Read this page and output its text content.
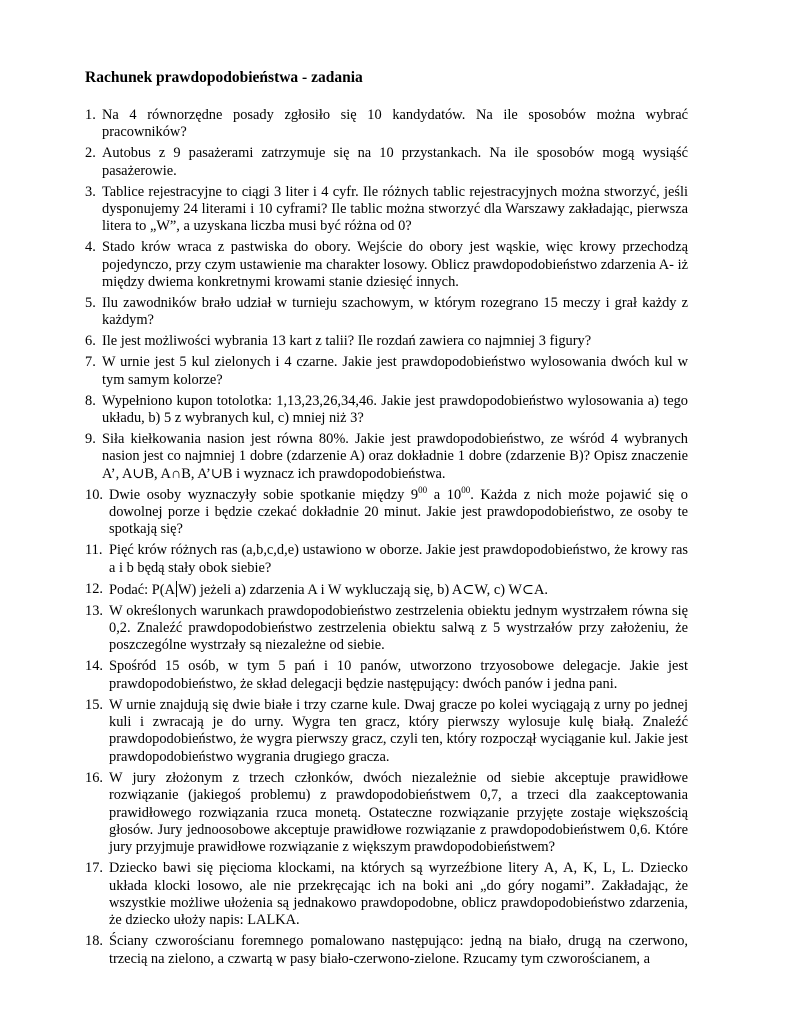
Rachunek prawdopodobieństwa - zadania
1. Na 4 równorzędne posady zgłosiło się 10 kandydatów. Na ile sposobów można wybrać pracowników?
2. Autobus z 9 pasażerami zatrzymuje się na 10 przystankach. Na ile sposobów mogą wysiąść pasażerowie.
3. Tablice rejestracyjne to ciągi 3 liter i 4 cyfr. Ile różnych tablic rejestracyjnych można stworzyć, jeśli dysponujemy 24 literami i 10 cyframi? Ile tablic można stworzyć dla Warszawy zakładając, pierwsza litera to „W”, a uzyskana liczba musi być różna od 0?
4. Stado krów wraca z pastwiska do obory. Wejście do obory jest wąskie, więc krowy przechodzą pojedynczo, przy czym ustawienie ma charakter losowy. Oblicz prawdopodobieństwo zdarzenia A- iż między dwiema konkretnymi krowami stanie dziesięć innych.
5. Ilu zawodników brało udział w turnieju szachowym, w którym rozegrano 15 meczy i grał każdy z każdym?
6. Ile jest możliwości wybrania 13 kart z talii? Ile rozdań zawiera co najmniej 3 figury?
7. W urnie jest 5 kul zielonych i 4 czarne. Jakie jest prawdopodobieństwo wylosowania dwóch kul w tym samym kolorze?
8. Wypełniono kupon totolotka: 1,13,23,26,34,46. Jakie jest prawdopodobieństwo wylosowania a) tego układu, b) 5 z wybranych kul, c) mniej niż 3?
9. Siła kiełkowania nasion jest równa 80%. Jakie jest prawdopodobieństwo, ze wśród 4 wybranych nasion jest co najmniej 1 dobre (zdarzenie A) oraz dokładnie 1 dobre (zdarzenie B)? Opisz znaczenie A’, A∪B, A∩B, A’∪B i wyznacz ich prawdopodobieństwa.
10. Dwie osoby wyznaczyły sobie spotkanie między $9^{00}$ a $10^{00}$. Każda z nich może pojawić się o dowolnej porze i będzie czekać dokładnie 20 minut. Jakie jest prawdopodobieństwo, ze osoby te spotkają się?
11. Pięć krów różnych ras (a,b,c,d,e) ustawiono w oborze. Jakie jest prawdopodobieństwo, że krowy ras a i b będą stały obok siebie?
12. Podać: P(A W) jeżeli a) zdarzenia A i W wykluczają się, b) A⊂W, c) W⊂A.
13. W określonych warunkach prawdopodobieństwo zestrzelenia obiektu jednym wystrzałem równa się 0,2. Znaleźć prawdopodobieństwo zestrzelenia obiektu salwą z 5 wystrzałów przy założeniu, że poszczególne wystrzały są niezależne od siebie.
14. Spośród 15 osób, w tym 5 pań i 10 panów, utworzono trzyosobowe delegacje. Jakie jest prawdopodobieństwo, że skład delegacji będzie następujący: dwóch panów i jedna pani.
15. W urnie znajdują się dwie białe i trzy czarne kule. Dwaj gracze po kolei wyciągają z urny po jednej kuli i zwracają je do urny. Wygra ten gracz, który pierwszy wylosuje kulę białą. Znaleźć prawdopodobieństwo, że wygra pierwszy gracz, czyli ten, który rozpoczął wyciąganie kul. Jakie jest prawdopodobieństwo wygrania drugiego gracza.
16. W jury złożonym z trzech członków, dwóch niezależnie od siebie akceptuje prawidłowe rozwiązanie (jakiegoś problemu) z prawdopodobieństwem 0,7, a trzeci dla zaakceptowania prawidłowego rozwiązania rzuca monetą. Ostateczne rozwiązanie przyjęte zostaje większością głosów. Jury jednoosobowe akceptuje prawidłowe rozwiązanie z prawdopodobieństwem 0,6. Które jury przyjmuje prawidłowe rozwiązanie z większym prawdopodobieństwem?
17. Dziecko bawi się pięcioma klockami, na których są wyrzeźbione litery A, A, K, L, L. Dziecko układa klocki losowo, ale nie przekręcając ich na boki ani „do góry nogami”. Zakładając, że wszystkie możliwe ułożenia są jednakowo prawdopodobne, oblicz prawdopodobieństwo zdarzenia, że dziecko ułoży napis: LALKA.
18. Ściany czworościanu foremnego pomalowano następująco: jedną na biało, drugą na czerwono, trzecią na zielono, a czwartą w pasy biało-czerwono-zielone. Rzucamy tym czworościanem, a
